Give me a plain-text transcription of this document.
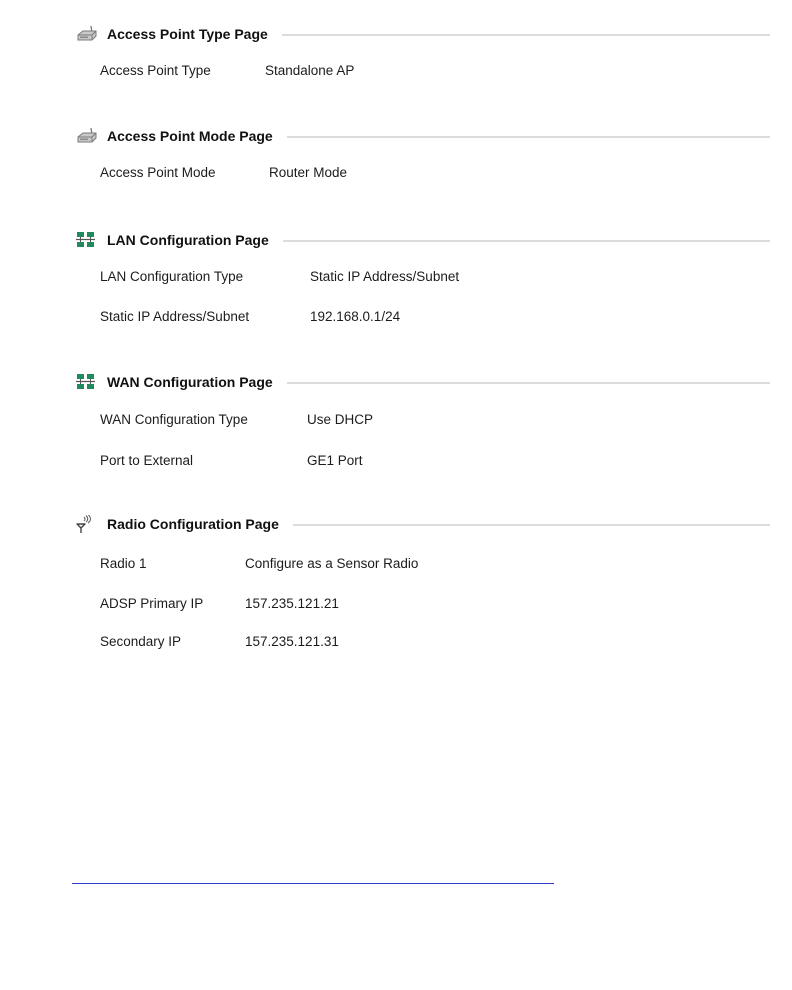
Access Point Type Page
Access Point Type	Standalone AP
Access Point Mode Page
Access Point Mode	Router Mode
LAN Configuration Page
LAN Configuration Type	Static IP Address/Subnet
Static IP Address/Subnet	192.168.0.1/24
WAN Configuration Page
WAN Configuration Type	Use DHCP
Port to External	GE1 Port
Radio Configuration Page
Radio 1	Configure as a Sensor Radio
ADSP Primary IP	157.235.121.21
Secondary IP	157.235.121.31
